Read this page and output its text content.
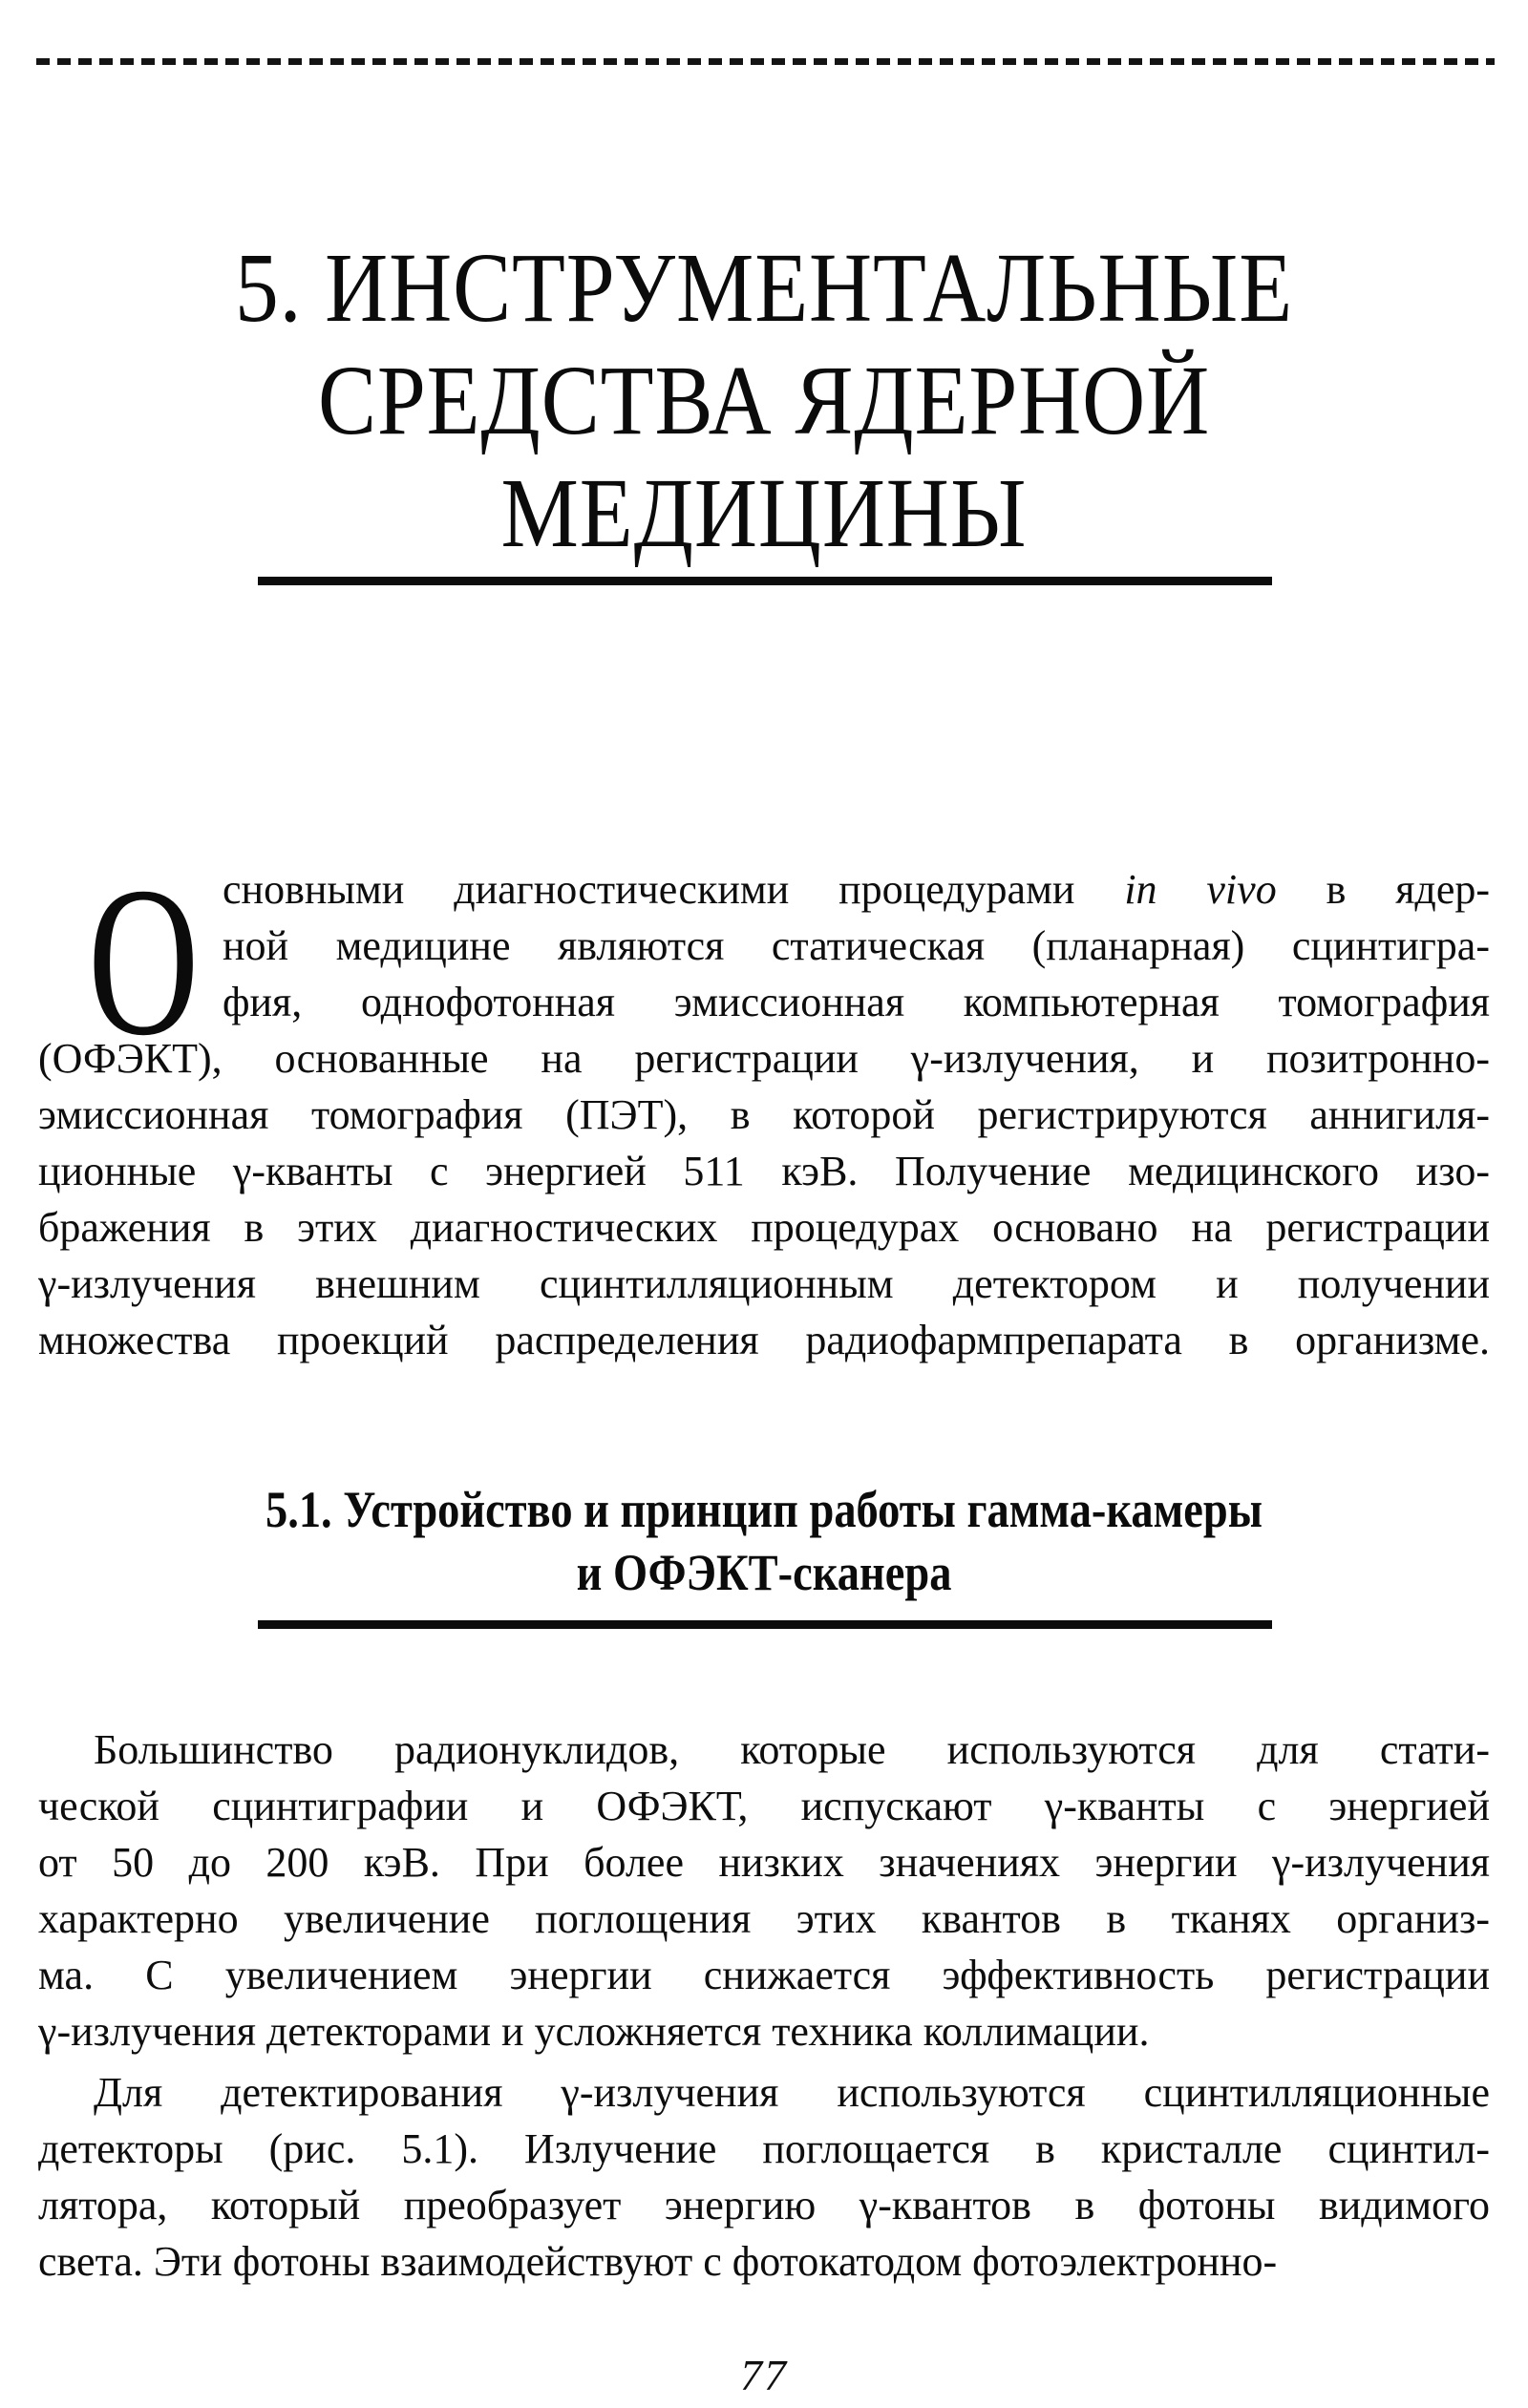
5. ИНСТРУМЕНТАЛЬНЫЕ
СРЕДСТВА ЯДЕРНОЙ
МЕДИЦИНЫ
О сновными диагностическими процедурами in vivo в ядер-
ной медицине являются статическая (планарная) сцинтигра-
фия, однофотонная эмиссионная компьютерная томография
(ОФЭКТ), основанные на регистрации γ-излучения, и позитронно-
эмиссионная томография (ПЭТ), в которой регистрируются аннигиля-
ционные γ-кванты с энергией 511 кэВ. Получение медицинского изо-
бражения в этих диагностических процедурах основано на регистрации
γ-излучения внешним сцинтилляционным детектором и получении
множества проекций распределения радиофармпрепарата в организме.
5.1. Устройство и принцип работы гамма-камеры
и ОФЭКТ-сканера
Большинство радионуклидов, которые используются для стати-
ческой сцинтиграфии и ОФЭКТ, испускают γ-кванты с энергией
от 50 до 200 кэВ. При более низких значениях энергии γ-излучения
характерно увеличение поглощения этих квантов в тканях организ-
ма. С увеличением энергии снижается эффективность регистрации
γ-излучения детекторами и усложняется техника коллимации.
Для детектирования γ-излучения используются сцинтилляционные
детекторы (рис. 5.1). Излучение поглощается в кристалле сцинтил-
лятора, который преобразует энергию γ-квантов в фотоны видимого
света. Эти фотоны взаимодействуют с фотокатодом фотоэлектронно-
77
